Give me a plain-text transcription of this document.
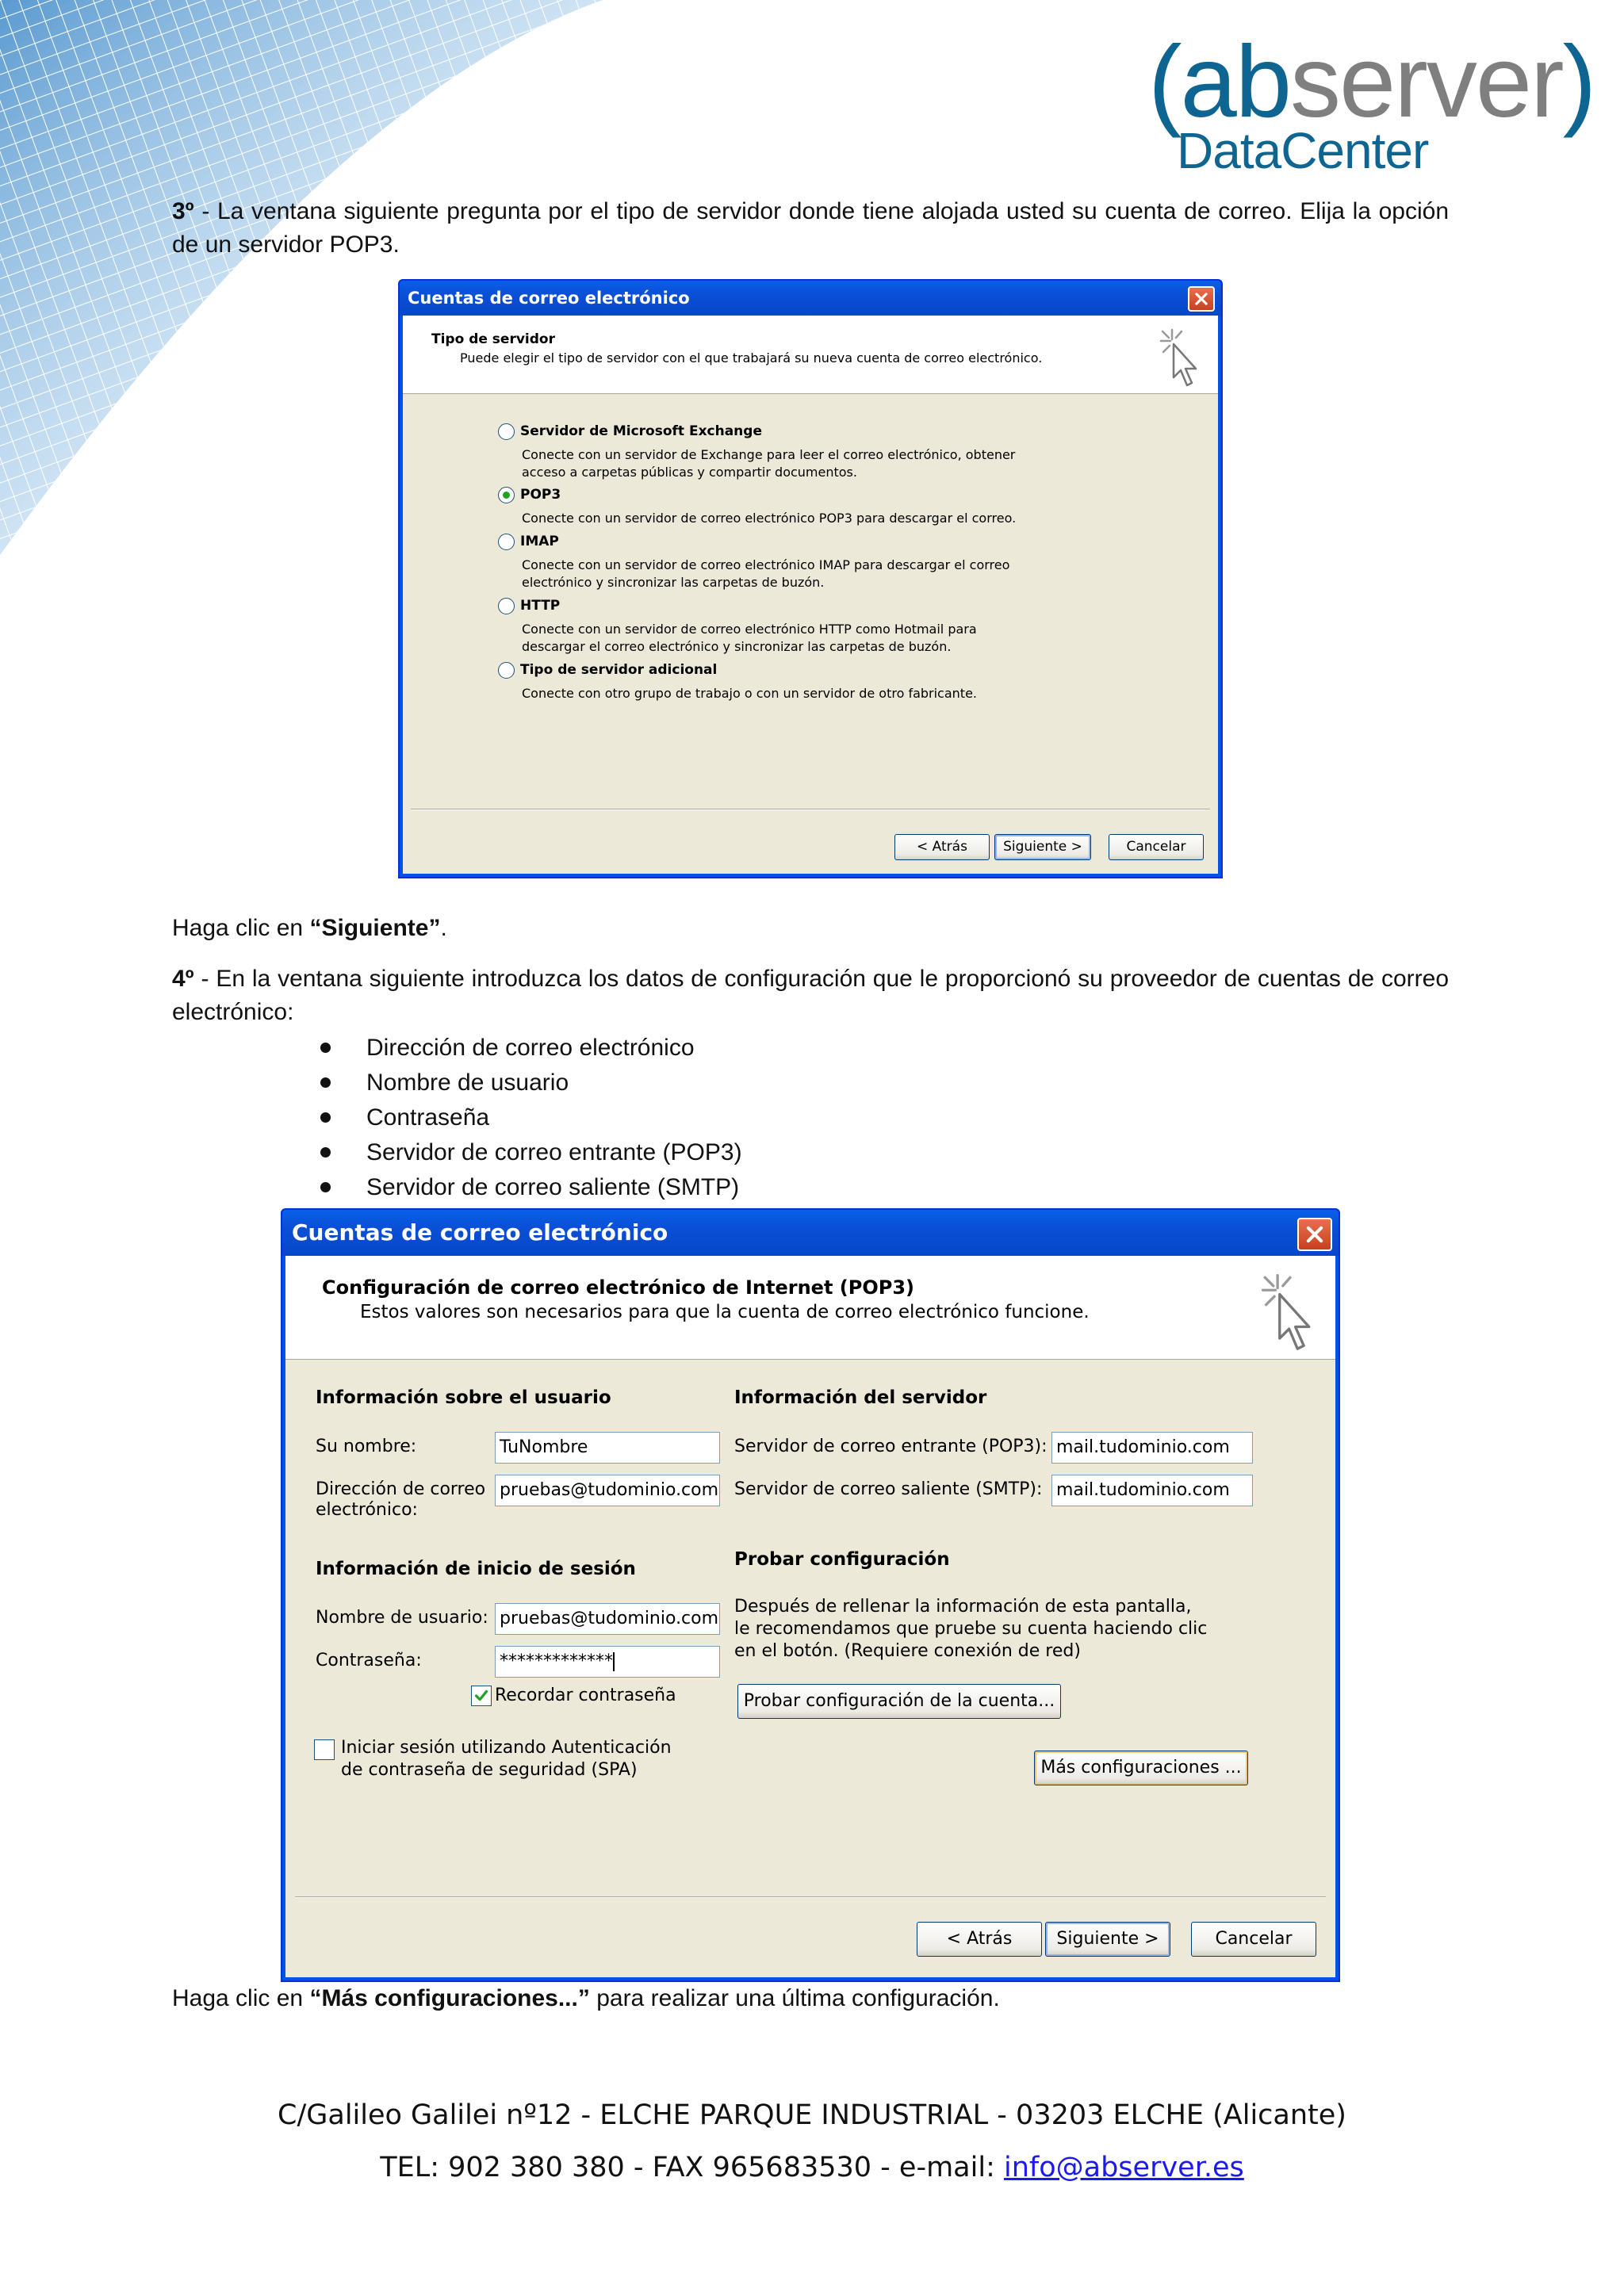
(abserver)
DataCenter
3º - La ventana siguiente pregunta por el tipo de servidor donde tiene alojada usted su cuenta de correo. Elija la opción de un servidor POP3.
Cuentas de correo electrónico
Tipo de servidor
Puede elegir el tipo de servidor con el que trabajará su nueva cuenta de correo electrónico.
Servidor de Microsoft Exchange
Conecte con un servidor de Exchange para leer el correo electrónico, obtener
acceso a carpetas públicas y compartir documentos.
POP3
Conecte con un servidor de correo electrónico POP3 para descargar el correo.
IMAP
Conecte con un servidor de correo electrónico IMAP para descargar el correo
electrónico y sincronizar las carpetas de buzón.
HTTP
Conecte con un servidor de correo electrónico HTTP como Hotmail para
descargar el correo electrónico y sincronizar las carpetas de buzón.
Tipo de servidor adicional
Conecte con otro grupo de trabajo o con un servidor de otro fabricante.
< Atrás	Siguiente >	Cancelar
Haga clic en “Siguiente”.
4º - En la ventana siguiente introduzca los datos de configuración que le proporcionó su proveedor de cuentas de correo electrónico:
Dirección de correo electrónico
Nombre de usuario
Contraseña
Servidor de correo entrante (POP3)
Servidor de correo saliente (SMTP)
Cuentas de correo electrónico
Configuración de correo electrónico de Internet (POP3)
Estos valores son necesarios para que la cuenta de correo electrónico funcione.
Información sobre el usuario
Su nombre:	TuNombre
Dirección de correo
electrónico:
pruebas@tudominio.com
Información de inicio de sesión
Nombre de usuario: pruebas@tudominio.com
Contraseña:	*************
Recordar contraseña
Iniciar sesión utilizando Autenticación
de contraseña de seguridad (SPA)
Información del servidor
Servidor de correo entrante (POP3): mail.tudominio.com
Servidor de correo saliente (SMTP): mail.tudominio.com
Probar configuración
Después de rellenar la información de esta pantalla,
le recomendamos que pruebe su cuenta haciendo clic
en el botón. (Requiere conexión de red)
Probar configuración de la cuenta...
Más configuraciones ...
< Atrás	Siguiente >	Cancelar
Haga clic en “Más configuraciones...” para realizar una última configuración.
C/Galileo Galilei nº12 - ELCHE PARQUE INDUSTRIAL - 03203 ELCHE (Alicante)
TEL: 902 380 380 - FAX 965683530 - e-mail: info@abserver.es
